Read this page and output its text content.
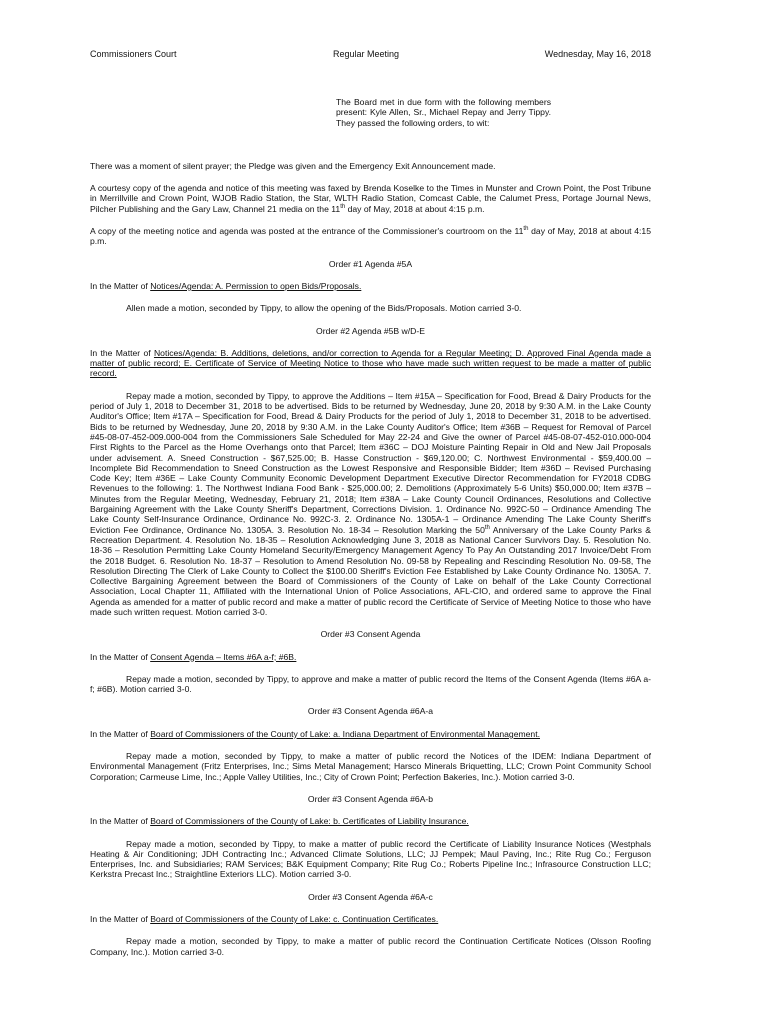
Commissioners Court	Regular Meeting	Wednesday, May 16, 2018

The Board met in due form with the following members present: Kyle Allen, Sr., Michael Repay and Jerry Tippy. They passed the following orders, to wit:

There was a moment of silent prayer; the Pledge was given and the Emergency Exit Announcement made.

A courtesy copy of the agenda and notice of this meeting was faxed by Brenda Koselke to the Times in Munster and Crown Point, the Post Tribune in Merrillville and Crown Point, WJOB Radio Station, the Star, WLTH Radio Station, Comcast Cable, the Calumet Press, Portage Journal News, Pilcher Publishing and the Gary Law, Channel 21 media on the 11th day of May, 2018 at about 4:15 p.m.

A copy of the meeting notice and agenda was posted at the entrance of the Commissioner's courtroom on the 11th day of May, 2018 at about 4:15 p.m.

Order #1 Agenda #5A

In the Matter of Notices/Agenda: A. Permission to open Bids/Proposals.

Allen made a motion, seconded by Tippy, to allow the opening of the Bids/Proposals. Motion carried 3-0.

Order #2 Agenda #5B w/D-E

In the Matter of Notices/Agenda: B. Additions, deletions, and/or correction to Agenda for a Regular Meeting; D. Approved Final Agenda made a matter of public record; E. Certificate of Service of Meeting Notice to those who have made such written request to be made a matter of public record.

Repay made a motion, seconded by Tippy, to approve the Additions – Item #15A – Specification for Food, Bread & Dairy Products for the period of July 1, 2018 to December 31, 2018 to be advertised. Bids to be returned by Wednesday, June 20, 2018 by 9:30 A.M. in the Lake County Auditor's Office; Item #17A – Specification for Food, Bread & Dairy Products for the period of July 1, 2018 to December 31, 2018 to be advertised. Bids to be returned by Wednesday, June 20, 2018 by 9:30 A.M. in the Lake County Auditor's Office; Item #36B – Request for Removal of Parcel #45-08-07-452-009.000-004 from the Commissioners Sale Scheduled for May 22-24 and Give the owner of Parcel #45-08-07-452-010.000-004 First Rights to the Parcel as the Home Overhangs onto that Parcel; Item #36C – DOJ Moisture Painting Repair in Old and New Jail Proposals under advisement. A. Sneed Construction - $67,525.00; B. Hasse Construction - $69,120.00; C. Northwest Environmental - $59,400.00 – Incomplete Bid Recommendation to Sneed Construction as the Lowest Responsive and Responsible Bidder; Item #36D – Revised Purchasing Code Key; Item #36E – Lake County Community Economic Development Department Executive Director Recommendation for FY2018 CDBG Revenues to the following: 1. The Northwest Indiana Food Bank - $25,000.00; 2. Demolitions (Approximately 5-6 Units) $50,000.00; Item #37B – Minutes from the Regular Meeting, Wednesday, February 21, 2018; Item #38A – Lake County Council Ordinances, Resolutions and Collective Bargaining Agreement with the Lake County Sheriff's Department, Corrections Division. 1. Ordinance No. 992C-50 – Ordinance Amending The Lake County Self-Insurance Ordinance, Ordinance No. 992C-3. 2. Ordinance No. 1305A-1 – Ordinance Amending The Lake County Sheriff's Eviction Fee Ordinance, Ordinance No. 1305A. 3. Resolution No. 18-34 – Resolution Marking the 50th Anniversary of the Lake County Parks & Recreation Department. 4. Resolution No. 18-35 – Resolution Acknowledging June 3, 2018 as National Cancer Survivors Day. 5. Resolution No. 18-36 – Resolution Permitting Lake County Homeland Security/Emergency Management Agency To Pay An Outstanding 2017 Invoice/Debt From the 2018 Budget. 6. Resolution No. 18-37 – Resolution to Amend Resolution No. 09-58 by Repealing and Rescinding Resolution No. 09-58, The Resolution Directing The Clerk of Lake County to Collect the $100.00 Sheriff's Eviction Fee Established by Lake County Ordinance No. 1305A. 7. Collective Bargaining Agreement between the Board of Commissioners of the County of Lake on behalf of the Lake County Correctional Association, Local Chapter 11, Affiliated with the International Union of Police Associations, AFL-CIO, and ordered same to approve the Final Agenda as amended for a matter of public record and make a matter of public record the Certificate of Service of Meeting Notice to those who have made such written request. Motion carried 3-0.

Order #3 Consent Agenda

In the Matter of Consent Agenda – Items #6A a-f; #6B.

Repay made a motion, seconded by Tippy, to approve and make a matter of public record the Items of the Consent Agenda (Items #6A a-f; #6B). Motion carried 3-0.

Order #3 Consent Agenda #6A-a

In the Matter of Board of Commissioners of the County of Lake: a. Indiana Department of Environmental Management.

Repay made a motion, seconded by Tippy, to make a matter of public record the Notices of the IDEM: Indiana Department of Environmental Management (Fritz Enterprises, Inc.; Sims Metal Management; Harsco Minerals Briquetting, LLC; Crown Point Community School Corporation; Carmeuse Lime, Inc.; Apple Valley Utilities, Inc.; City of Crown Point; Perfection Bakeries, Inc.). Motion carried 3-0.

Order #3 Consent Agenda #6A-b

In the Matter of Board of Commissioners of the County of Lake: b. Certificates of Liability Insurance.

Repay made a motion, seconded by Tippy, to make a matter of public record the Certificate of Liability Insurance Notices (Westphals Heating & Air Conditioning; JDH Contracting Inc.; Advanced Climate Solutions, LLC; JJ Pempek; Maul Paving, Inc.; Rite Rug Co.; Ferguson Enterprises, Inc. and Subsidiaries; RAM Services; B&K Equipment Company; Rite Rug Co.; Roberts Pipeline Inc.; Infrasource Construction LLC; Kerkstra Precast Inc.; Straightline Exteriors LLC). Motion carried 3-0.

Order #3 Consent Agenda #6A-c

In the Matter of Board of Commissioners of the County of Lake: c. Continuation Certificates.

Repay made a motion, seconded by Tippy, to make a matter of public record the Continuation Certificate Notices (Olsson Roofing Company, Inc.). Motion carried 3-0.
